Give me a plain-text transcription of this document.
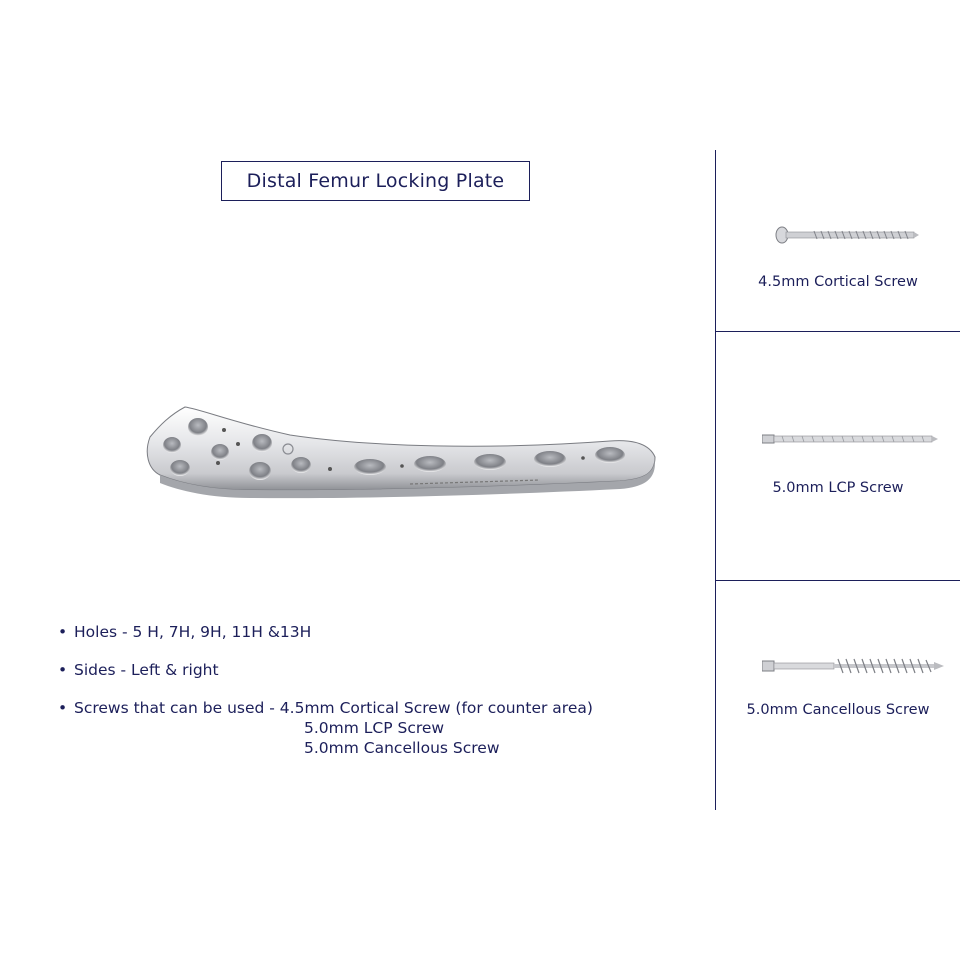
Distal Femur Locking Plate
• Holes - 5 H, 7H, 9H, 11H &13H
• Sides - Left & right
• Screws that can be used - 4.5mm Cortical Screw (for counter area)
5.0mm LCP Screw
5.0mm Cancellous Screw
4.5mm Cortical Screw
5.0mm LCP Screw
5.0mm Cancellous Screw
